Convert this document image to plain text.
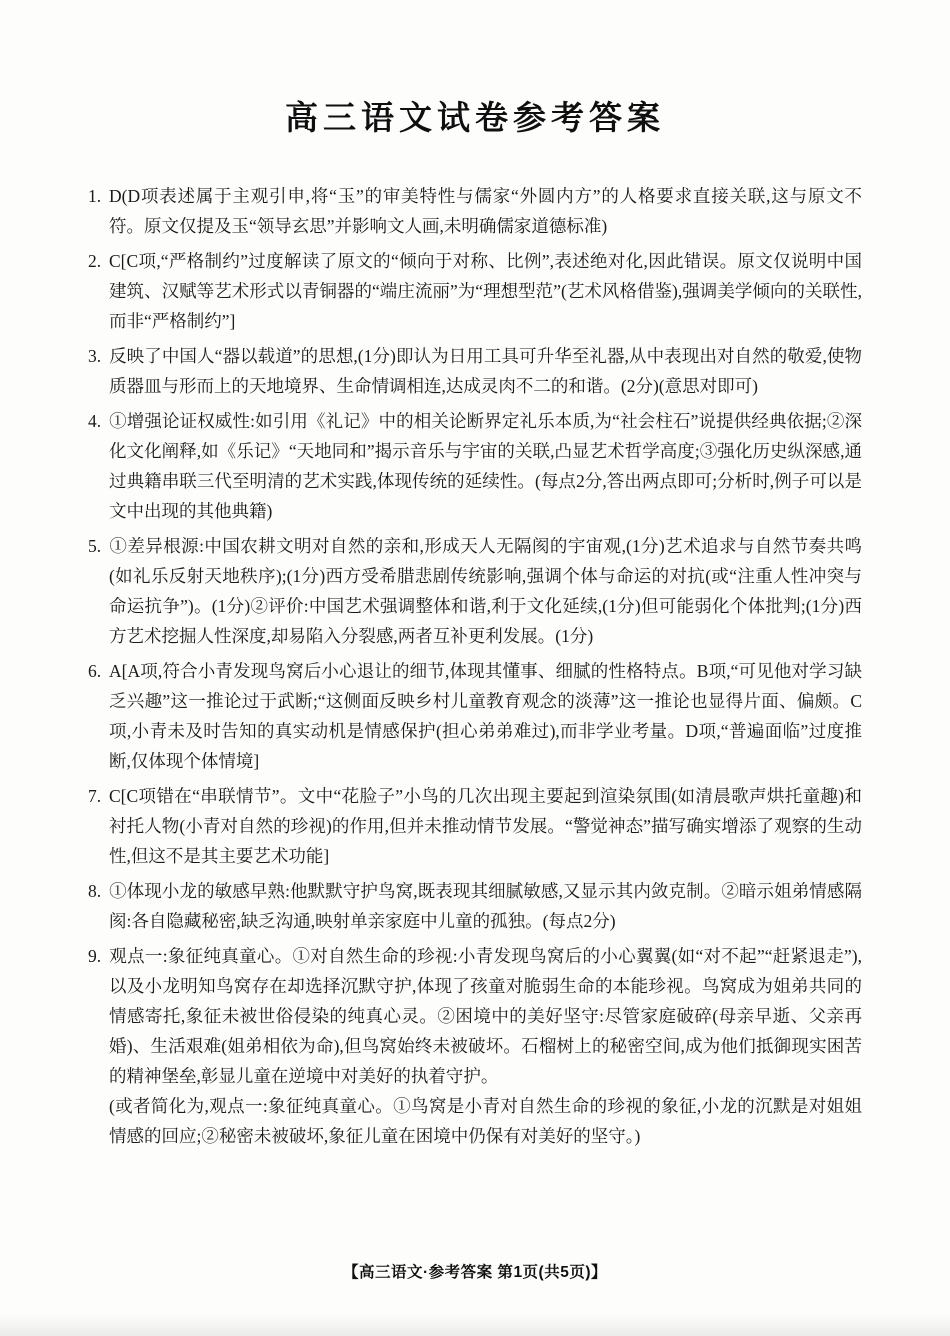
高三语文试卷参考答案

1. D(D项表述属于主观引申,将“玉”的审美特性与儒家“外圆内方”的人格要求直接关联,这与原文不符。原文仅提及玉“领导玄思”并影响文人画,未明确儒家道德标准)

2. C[C项,“严格制约”过度解读了原文的“倾向于对称、比例”,表述绝对化,因此错误。原文仅说明中国建筑、汉赋等艺术形式以青铜器的“端庄流丽”为“理想型范”(艺术风格借鉴),强调美学倾向的关联性,而非“严格制约”]

3. 反映了中国人“器以载道”的思想,(1分)即认为日用工具可升华至礼器,从中表现出对自然的敬爱,使物质器皿与形而上的天地境界、生命情调相连,达成灵肉不二的和谐。(2分)(意思对即可)

4. ①增强论证权威性:如引用《礼记》中的相关论断界定礼乐本质,为“社会柱石”说提供经典依据;②深化文化阐释,如《乐记》“天地同和”揭示音乐与宇宙的关联,凸显艺术哲学高度;③强化历史纵深感,通过典籍串联三代至明清的艺术实践,体现传统的延续性。(每点2分,答出两点即可;分析时,例子可以是文中出现的其他典籍)

5. ①差异根源:中国农耕文明对自然的亲和,形成天人无隔阂的宇宙观,(1分)艺术追求与自然节奏共鸣(如礼乐反射天地秩序);(1分)西方受希腊悲剧传统影响,强调个体与命运的对抗(或“注重人性冲突与命运抗争”)。(1分)②评价:中国艺术强调整体和谐,利于文化延续,(1分)但可能弱化个体批判;(1分)西方艺术挖掘人性深度,却易陷入分裂感,两者互补更利发展。(1分)

6. A[A项,符合小青发现鸟窝后小心退让的细节,体现其懂事、细腻的性格特点。B项,“可见他对学习缺乏兴趣”这一推论过于武断;“这侧面反映乡村儿童教育观念的淡薄”这一推论也显得片面、偏颇。C项,小青未及时告知的真实动机是情感保护(担心弟弟难过),而非学业考量。D项,“普遍面临”过度推断,仅体现个体情境]

7. C[C项错在“串联情节”。文中“花脸子”小鸟的几次出现主要起到渲染氛围(如清晨歌声烘托童趣)和衬托人物(小青对自然的珍视)的作用,但并未推动情节发展。“警觉神态”描写确实增添了观察的生动性,但这不是其主要艺术功能]

8. ①体现小龙的敏感早熟:他默默守护鸟窝,既表现其细腻敏感,又显示其内敛克制。②暗示姐弟情感隔阂:各自隐藏秘密,缺乏沟通,映射单亲家庭中儿童的孤独。(每点2分)

9. 观点一:象征纯真童心。①对自然生命的珍视:小青发现鸟窝后的小心翼翼(如“对不起”“赶紧退走”),以及小龙明知鸟窝存在却选择沉默守护,体现了孩童对脆弱生命的本能珍视。鸟窝成为姐弟共同的情感寄托,象征未被世俗侵染的纯真心灵。②困境中的美好坚守:尽管家庭破碎(母亲早逝、父亲再婚)、生活艰难(姐弟相依为命),但鸟窝始终未被破坏。石榴树上的秘密空间,成为他们抵御现实困苦的精神堡垒,彰显儿童在逆境中对美好的执着守护。
(或者简化为,观点一:象征纯真童心。①鸟窝是小青对自然生命的珍视的象征,小龙的沉默是对姐姐情感的回应;②秘密未被破坏,象征儿童在困境中仍保有对美好的坚守。)

【高三语文·参考答案 第1页(共5页)】
